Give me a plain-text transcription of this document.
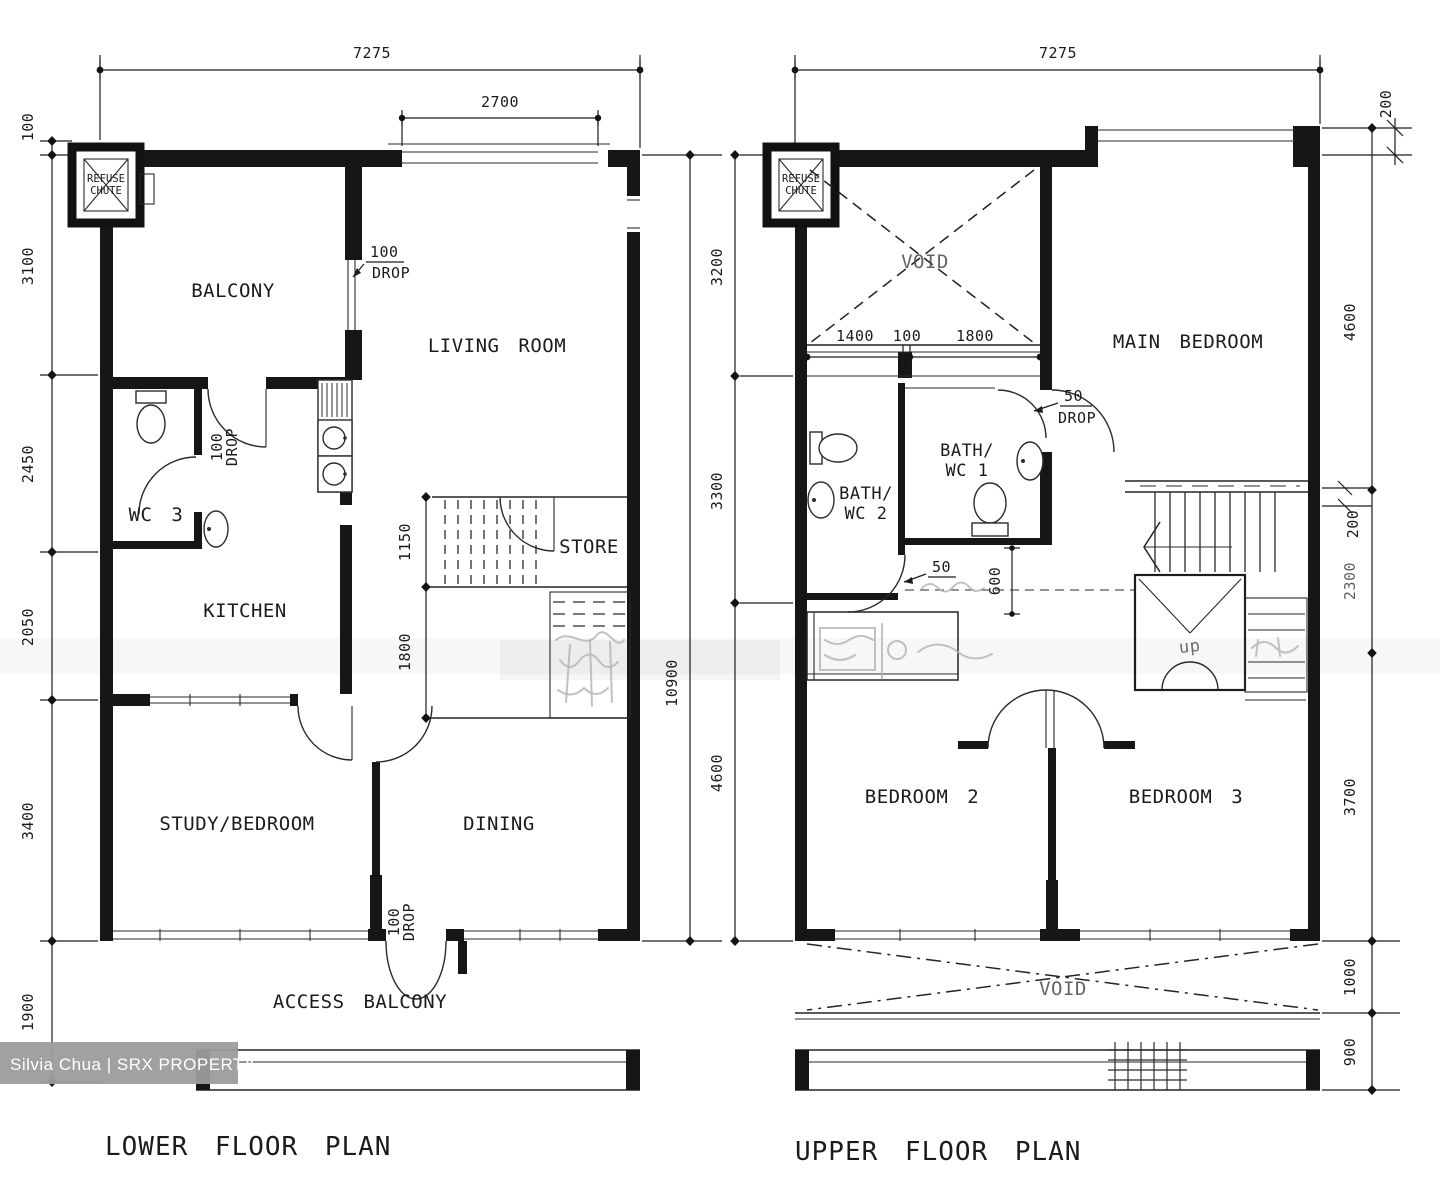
7275
2700
100
3100
2450
2050
3400
1900
10900
REFUSE
CHUTE
1150
1800
100
DROP
100
DROP
100
DROP
BALCONY
LIVING ROOM
WC 3
KITCHEN
STORE
STUDY/BEDROOM	DINING
ACCESS BALCONY
LOWER FLOOR PLAN
7275
200
3200
3300
4600
4600
200
2300
3700
1000
900
REFUSE
CHUTE
VOID
1400 100 1800
50
DROP
50 600
up
MAIN BEDROOM
BATH/
WC 1
BATH/
WC 2
BEDROOM 2	BEDROOM 3
VOID
UPPER FLOOR PLAN
Silvia Chua | SRX PROPERTY
